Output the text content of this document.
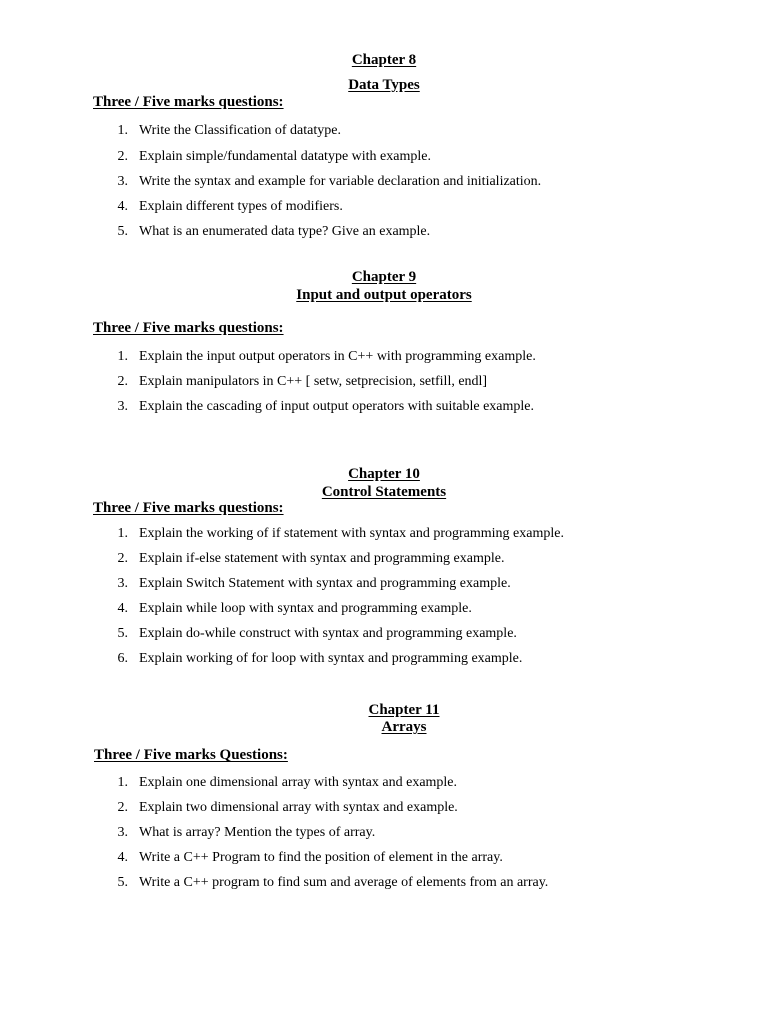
Chapter 8
Data Types
Three / Five marks questions:
1. Write the Classification of datatype.
2. Explain simple/fundamental datatype with example.
3. Write the syntax and example for variable declaration and initialization.
4. Explain different types of modifiers.
5. What is an enumerated data type? Give an example.
Chapter 9
Input and output operators
Three / Five marks questions:
1. Explain the input output operators in C++ with programming example.
2. Explain manipulators in C++ [ setw, setprecision, setfill, endl]
3. Explain the cascading of input output operators with suitable example.
Chapter 10
Control Statements
Three / Five marks questions:
1. Explain the working of if statement with syntax and programming example.
2. Explain if-else statement with syntax and programming example.
3. Explain Switch Statement with syntax and programming example.
4. Explain while loop with syntax and programming example.
5. Explain do-while construct with syntax and programming example.
6. Explain working of for loop with syntax and programming example.
Chapter 11
Arrays
Three / Five marks Questions:
1. Explain one dimensional array with syntax and example.
2. Explain two dimensional array with syntax and example.
3. What is array? Mention the types of array.
4. Write a C++ Program to find the position of element in the array.
5. Write a C++ program to find sum and average of elements from an array.
